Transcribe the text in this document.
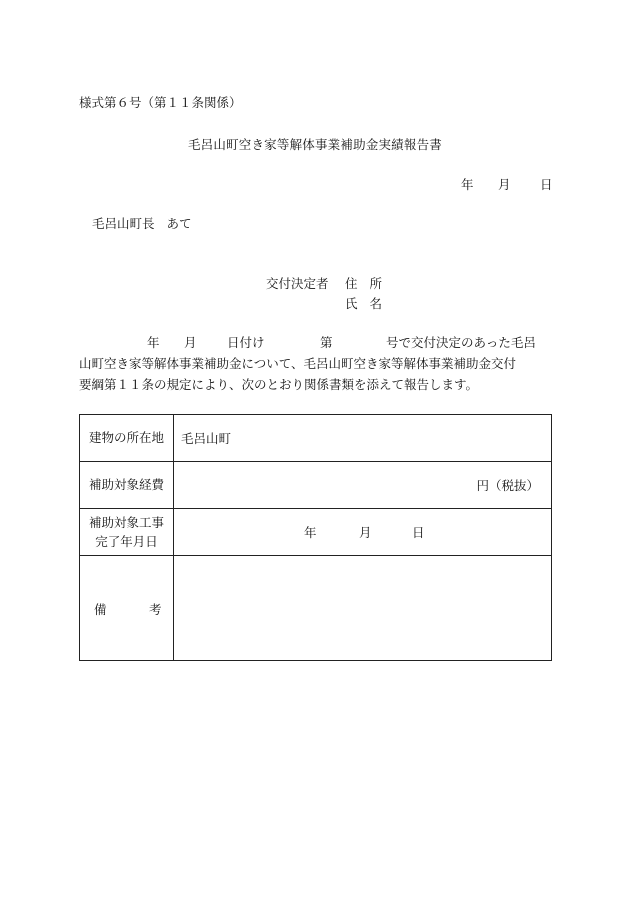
様式第６号（第１１条関係）
毛呂山町空き家等解体事業補助金実績報告書
年 月 日
毛呂山町長 あて
交付決定者 住 所
氏 名
年 月 日付け	第	号で交付決定のあった毛呂
山町空き家等解体事業補助金について、毛呂山町空き家等解体事業補助金交付
要綱第１１条の規定により、次のとおり関係書類を添えて報告します。
建物の所在地	毛呂山町
補助対象経費	円（税抜）
補助対象工事
完了年月日	年 月 日

備 考	
